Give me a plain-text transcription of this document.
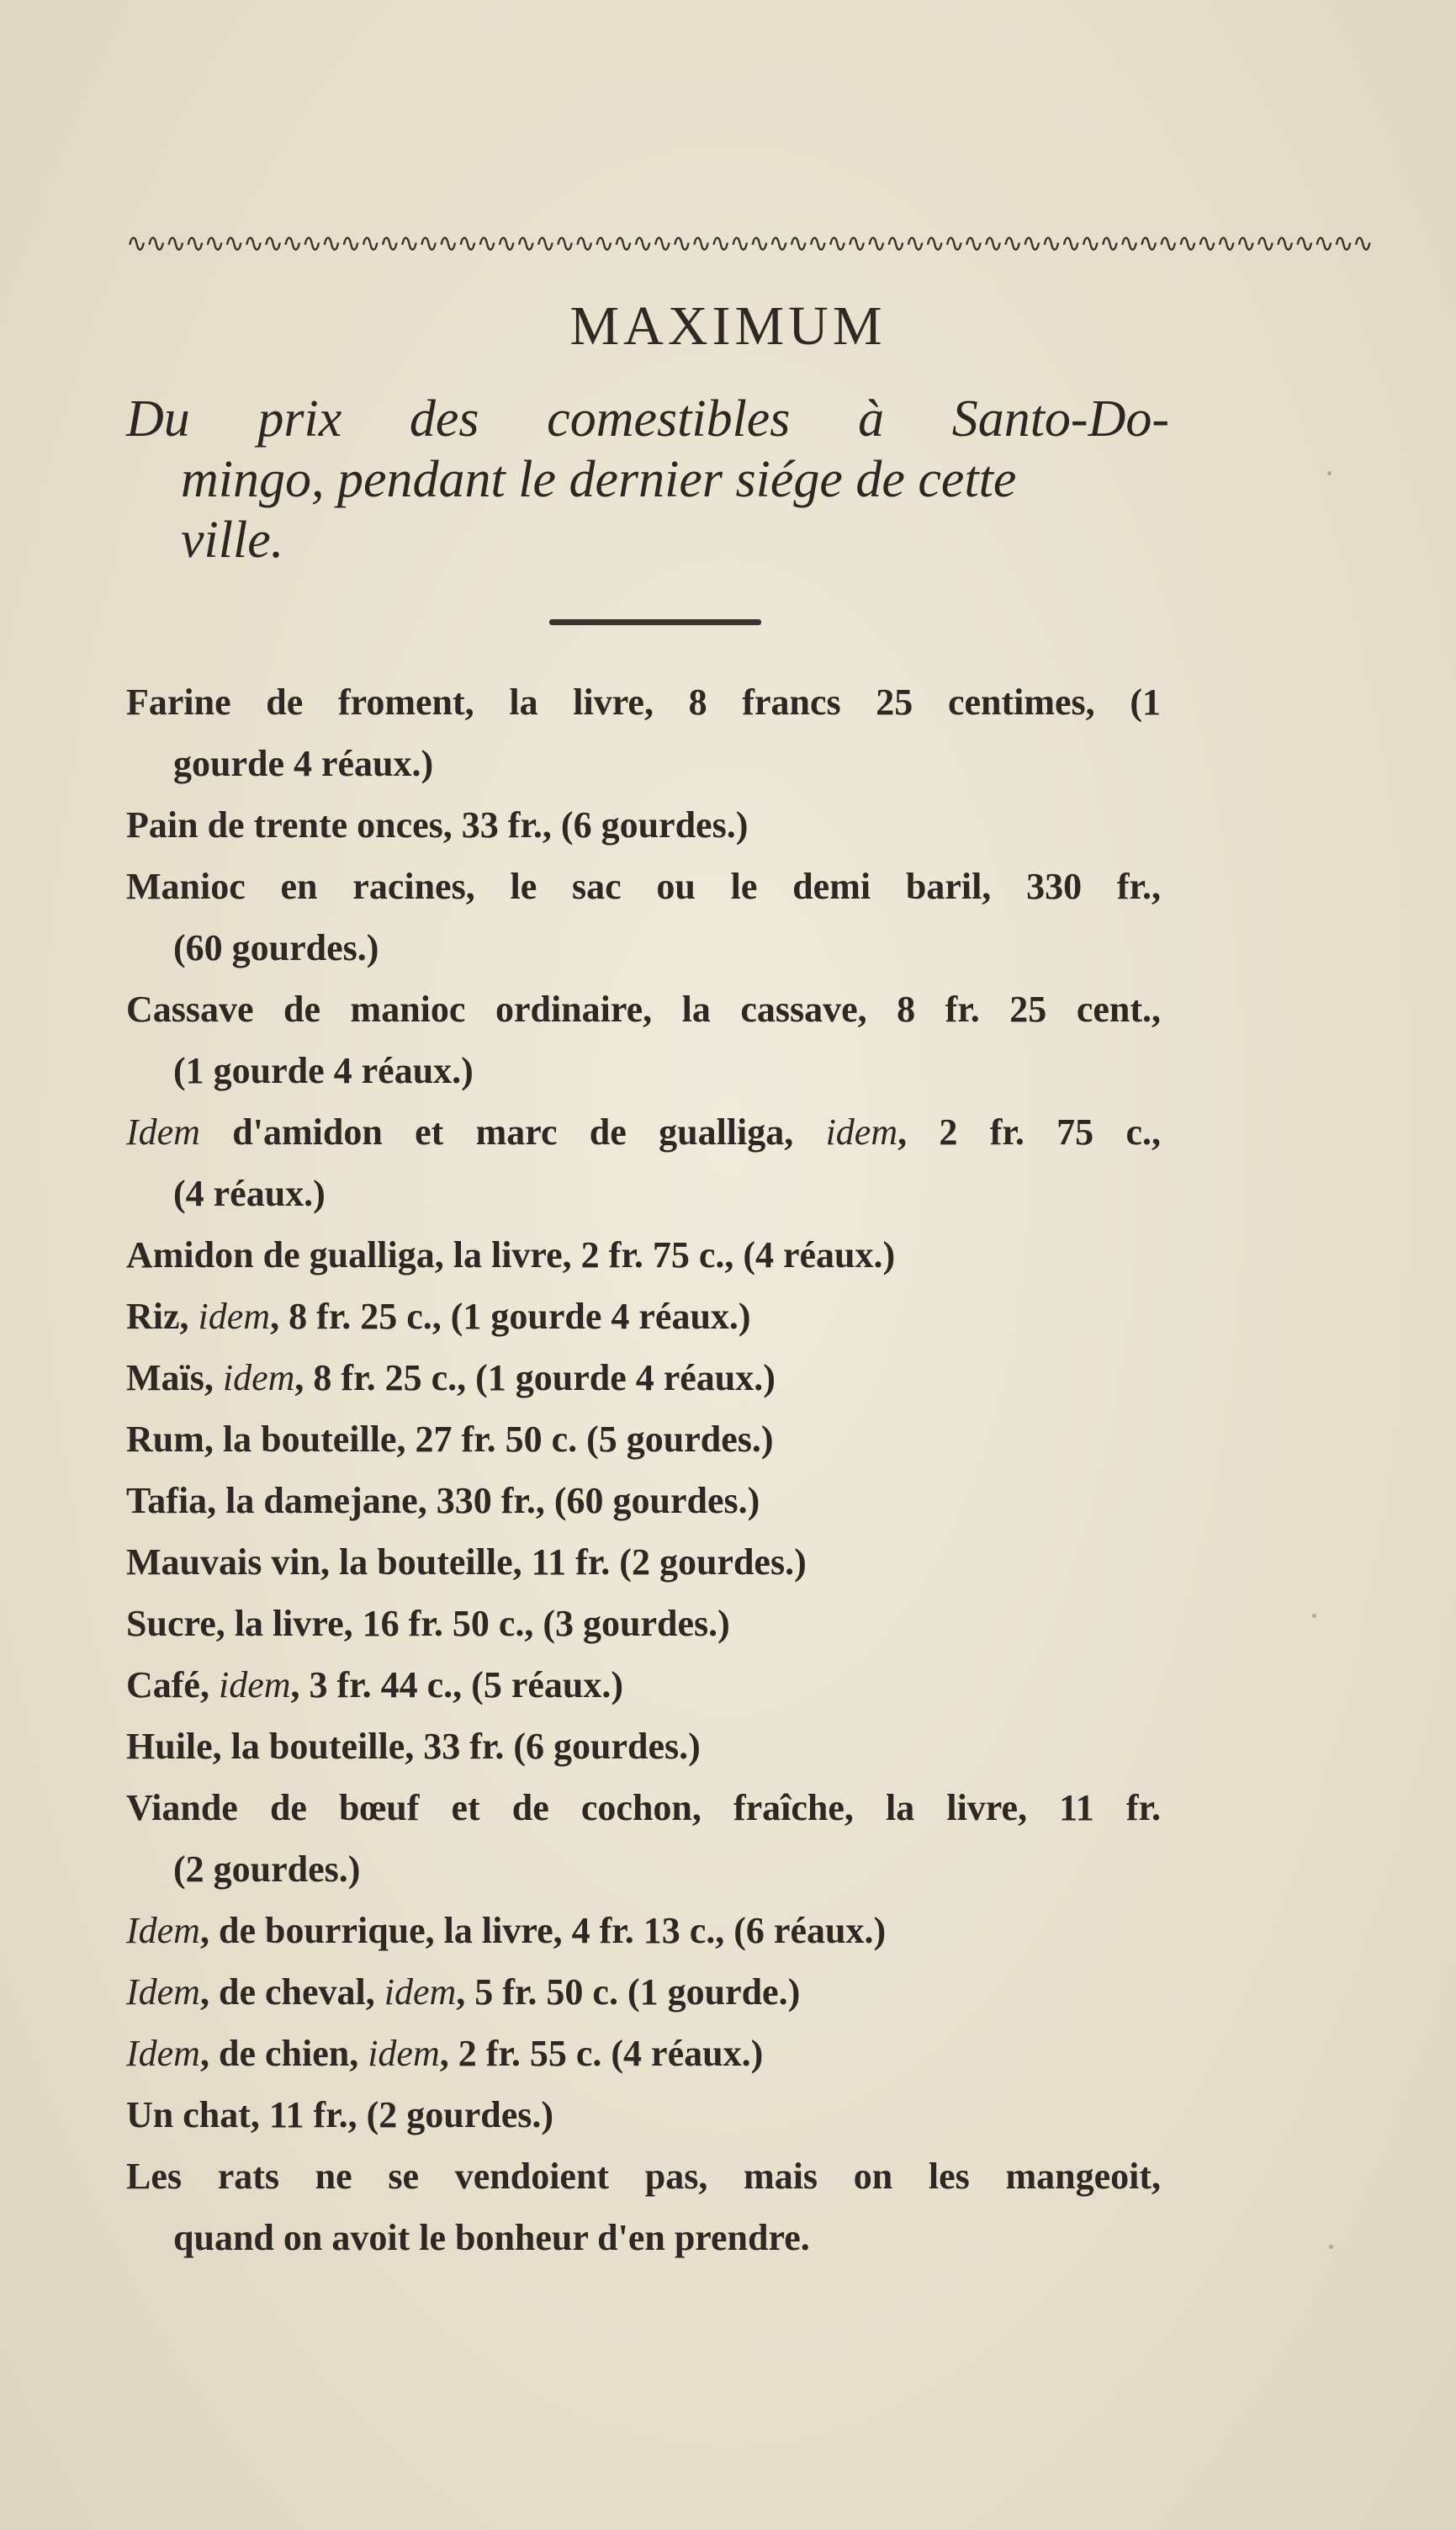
∿∿∿∿∿∿∿∿∿∿∿∿∿∿∿∿∿∿∿∿∿∿∿∿∿∿∿∿∿∿∿∿∿∿∿∿∿∿∿∿∿∿∿∿∿∿∿∿∿∿∿∿∿∿∿∿∿∿∿∿∿∿∿∿
MAXIMUM
Du prix des comestibles à Santo-Do-
mingo, pendant le dernier siége de cette
ville.
Farine de froment, la livre, 8 francs 25 centimes, (1
gourde 4 réaux.)
Pain de trente onces, 33 fr., (6 gourdes.)
Manioc en racines, le sac ou le demi baril, 330 fr.,
(60 gourdes.)
Cassave de manioc ordinaire, la cassave, 8 fr. 25 cent.,
(1 gourde 4 réaux.)
Idem d'amidon et marc de gualliga, idem, 2 fr. 75 c.,
(4 réaux.)
Amidon de gualliga, la livre, 2 fr. 75 c., (4 réaux.)
Riz, idem, 8 fr. 25 c., (1 gourde 4 réaux.)
Maïs, idem, 8 fr. 25 c., (1 gourde 4 réaux.)
Rum, la bouteille, 27 fr. 50 c. (5 gourdes.)
Tafia, la damejane, 330 fr., (60 gourdes.)
Mauvais vin, la bouteille, 11 fr. (2 gourdes.)
Sucre, la livre, 16 fr. 50 c., (3 gourdes.)
Café, idem, 3 fr. 44 c., (5 réaux.)
Huile, la bouteille, 33 fr. (6 gourdes.)
Viande de bœuf et de cochon, fraîche, la livre, 11 fr.
(2 gourdes.)
Idem, de bourrique, la livre, 4 fr. 13 c., (6 réaux.)
Idem, de cheval, idem, 5 fr. 50 c. (1 gourde.)
Idem, de chien, idem, 2 fr. 55 c. (4 réaux.)
Un chat, 11 fr., (2 gourdes.)
Les rats ne se vendoient pas, mais on les mangeoit,
quand on avoit le bonheur d'en prendre.
